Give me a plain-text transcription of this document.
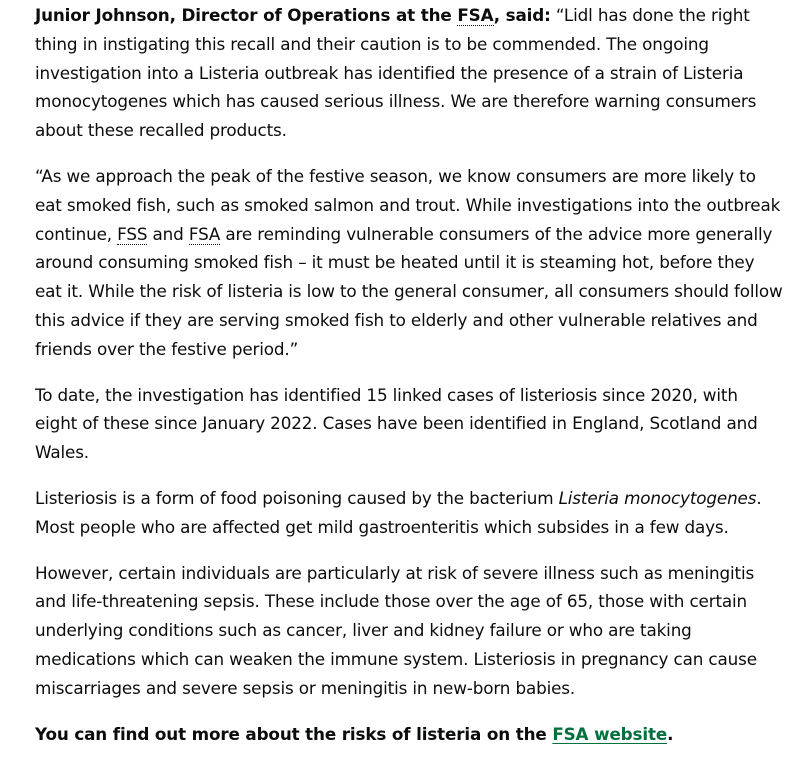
Junior Johnson, Director of Operations at the FSA, said: “Lidl has done the right thing in instigating this recall and their caution is to be commended. The ongoing investigation into a Listeria outbreak has identified the presence of a strain of Listeria monocytogenes which has caused serious illness. We are therefore warning consumers about these recalled products.

“As we approach the peak of the festive season, we know consumers are more likely to eat smoked fish, such as smoked salmon and trout. While investigations into the outbreak continue, FSS and FSA are reminding vulnerable consumers of the advice more generally around consuming smoked fish – it must be heated until it is steaming hot, before they eat it. While the risk of listeria is low to the general consumer, all consumers should follow this advice if they are serving smoked fish to elderly and other vulnerable relatives and friends over the festive period.”

To date, the investigation has identified 15 linked cases of listeriosis since 2020, with eight of these since January 2022. Cases have been identified in England, Scotland and Wales.

Listeriosis is a form of food poisoning caused by the bacterium Listeria monocytogenes. Most people who are affected get mild gastroenteritis which subsides in a few days.

However, certain individuals are particularly at risk of severe illness such as meningitis and life-threatening sepsis. These include those over the age of 65, those with certain underlying conditions such as cancer, liver and kidney failure or who are taking medications which can weaken the immune system. Listeriosis in pregnancy can cause miscarriages and severe sepsis or meningitis in new-born babies.

You can find out more about the risks of listeria on the FSA website.
